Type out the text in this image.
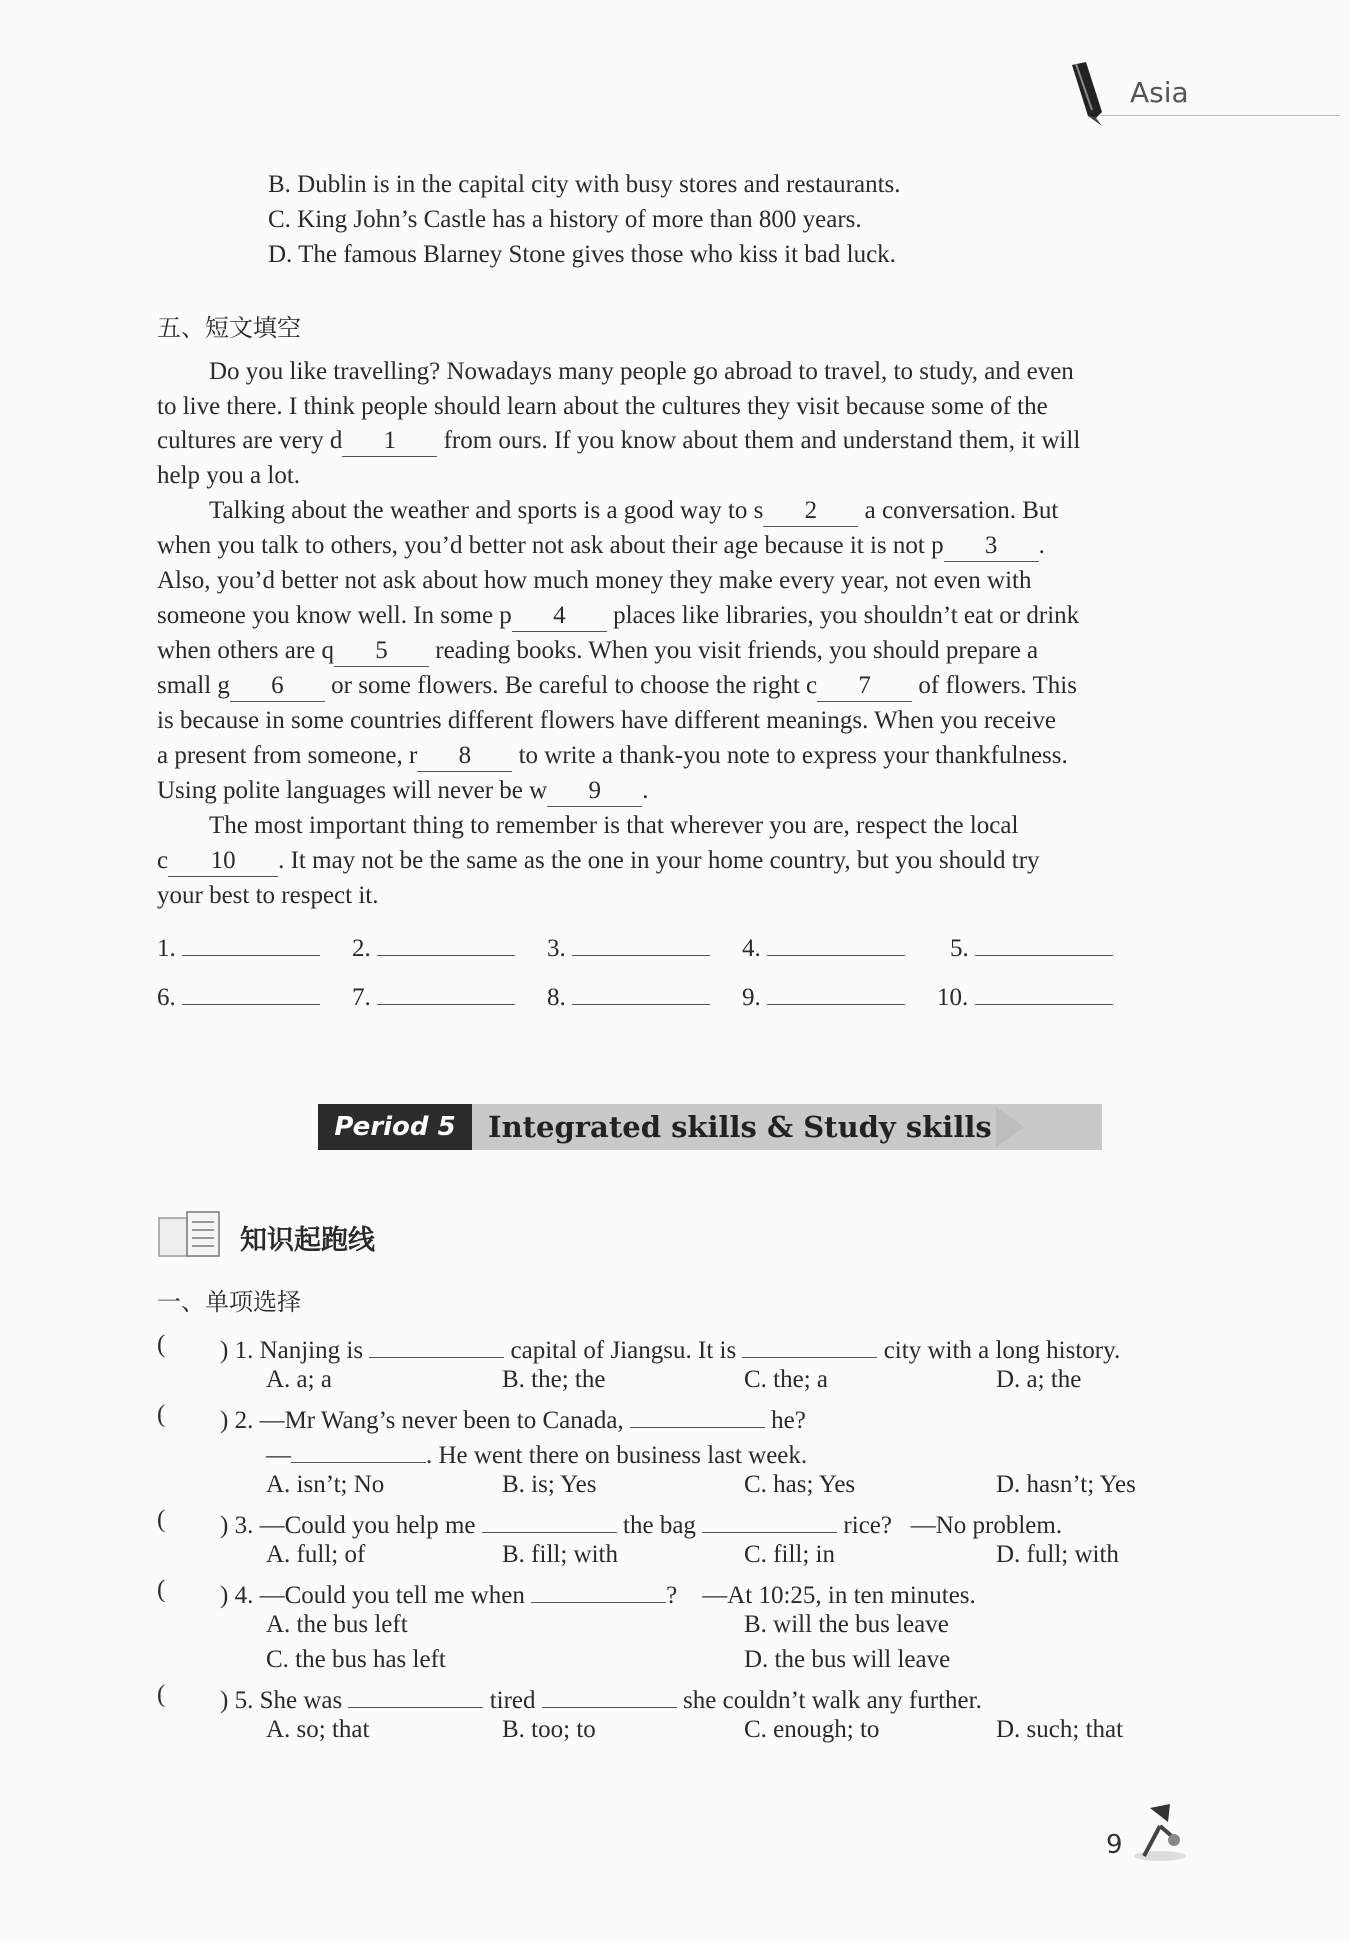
Asia
B. Dublin is in the capital city with busy stores and restaurants.
C. King John’s Castle has a history of more than 800 years.
D. The famous Blarney Stone gives those who kiss it bad luck.
五、短文填空
Do you like travelling? Nowadays many people go abroad to travel, to study, and even
to live there. I think people should learn about the cultures they visit because some of the
cultures are very d 1 from ours. If you know about them and understand them, it will
help you a lot.
Talking about the weather and sports is a good way to s 2 a conversation. But
when you talk to others, you’d better not ask about their age because it is not p 3 .
Also, you’d better not ask about how much money they make every year, not even with
someone you know well. In some p 4 places like libraries, you shouldn’t eat or drink
when others are q 5 reading books. When you visit friends, you should prepare a
small g 6 or some flowers. Be careful to choose the right c 7 of flowers. This
is because in some countries different flowers have different meanings. When you receive
a present from someone, r 8 to write a thank-you note to express your thankfulness.
Using polite languages will never be w 9 .
The most important thing to remember is that wherever you are, respect the local
c 10 . It may not be the same as the one in your home country, but you should try
your best to respect it.
1.	2.	3.	4.	5.
6.	7.	8.	9.	10.
Period 5	Integrated skills & Study skills
知识起跑线
一、单项选择
( ) 1. Nanjing is	capital of Jiangsu. It is	city with a long history.
A. a; a	B. the; the	C. the; a	D. a; the
( ) 2. —Mr Wang’s never been to Canada,	he?
—	. He went there on business last week.
A. isn’t; No	B. is; Yes	C. has; Yes	D. hasn’t; Yes
( ) 3. —Could you help me	the bag	rice? —No problem.
A. full; of	B. fill; with	C. fill; in	D. full; with
( ) 4. —Could you tell me when	? —At 10:25, in ten minutes.
A. the bus left	B. will the bus leave
C. the bus has left	D. the bus will leave
( ) 5. She was	tired	she couldn’t walk any further.
A. so; that	B. too; to	C. enough; to	D. such; that
9
